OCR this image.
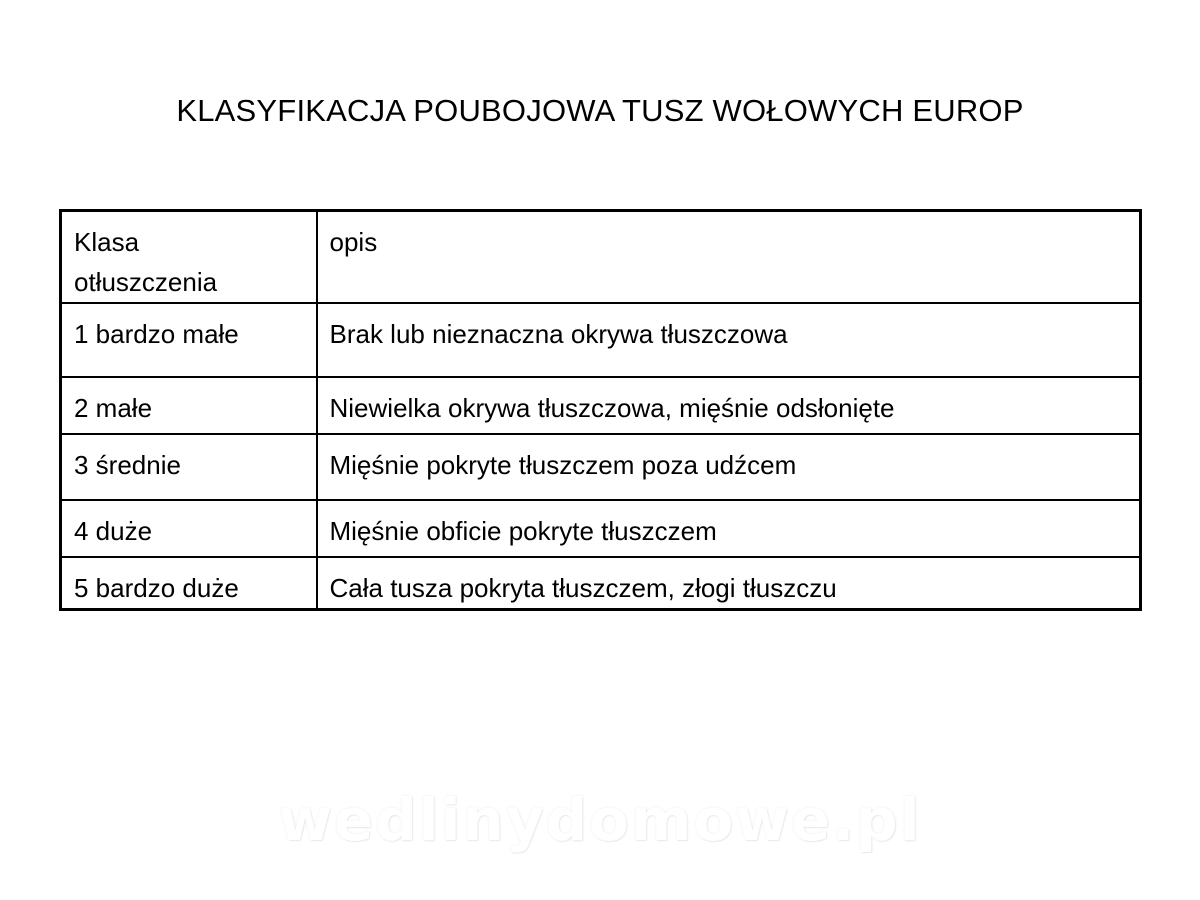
KLASYFIKACJA POUBOJOWA TUSZ WOŁOWYCH EUROP
Klasa
otłuszczenia	opis
1 bardzo małe	Brak lub nieznaczna okrywa tłuszczowa
2 małe	Niewielka okrywa tłuszczowa, mięśnie odsłonięte
3 średnie	Mięśnie pokryte tłuszczem poza udźcem
4 duże	Mięśnie obficie pokryte tłuszczem
5 bardzo duże	Cała tusza pokryta tłuszczem, złogi tłuszczu
wedlinydomowe.pl
